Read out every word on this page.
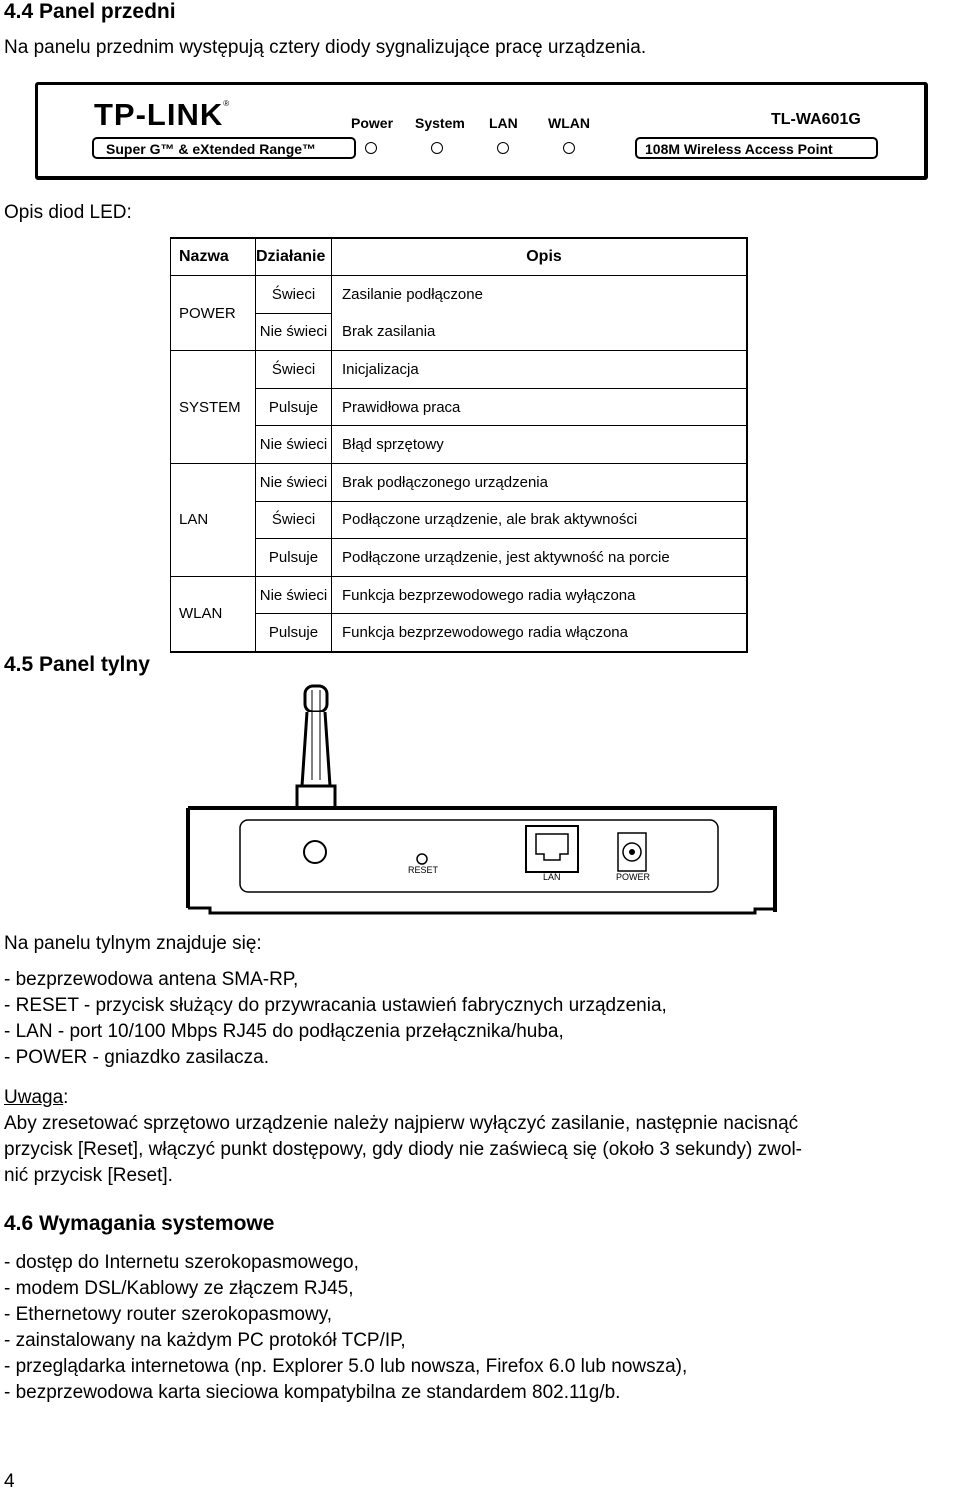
4.4 Panel przedni
Na panelu przednim występują cztery diody sygnalizujące pracę urządzenia.
TP-LINK®
Power System LAN WLAN	TL-WA601G
Super G™ & eXtended Range™	108M Wireless Access Point
Opis diod LED:
Nazwa	Działanie	Opis
POWER	Świeci	Zasilanie podłączone
	Nie świeci	Brak zasilania
SYSTEM	Świeci	Inicjalizacja
	Pulsuje	Prawidłowa praca
	Nie świeci	Błąd sprzętowy
LAN	Nie świeci	Brak podłączonego urządzenia
	Świeci	Podłączone urządzenie, ale brak aktywności
	Pulsuje	Podłączone urządzenie, jest aktywność na porcie
WLAN	Nie świeci	Funkcja bezprzewodowego radia wyłączona
	Pulsuje	Funkcja bezprzewodowego radia włączona
4.5 Panel tylny
RESET
LAN	POWER
Na panelu tylnym znajduje się:
- bezprzewodowa antena SMA-RP,
- RESET - przycisk służący do przywracania ustawień fabrycznych urządzenia,
- LAN - port 10/100 Mbps RJ45 do podłączenia przełącznika/huba,
- POWER - gniazdko zasilacza.
Uwaga:
Aby zresetować sprzętowo urządzenie należy najpierw wyłączyć zasilanie, następnie nacisnąć
przycisk [Reset], włączyć punkt dostępowy, gdy diody nie zaświecą się (około 3 sekundy) zwol-
nić przycisk [Reset].
4.6 Wymagania systemowe
- dostęp do Internetu szerokopasmowego,
- modem DSL/Kablowy ze złączem RJ45,
- Ethernetowy router szerokopasmowy,
- zainstalowany na każdym PC protokół TCP/IP,
- przeglądarka internetowa (np. Explorer 5.0 lub nowsza, Firefox 6.0 lub nowsza),
- bezprzewodowa karta sieciowa kompatybilna ze standardem 802.11g/b.
4
